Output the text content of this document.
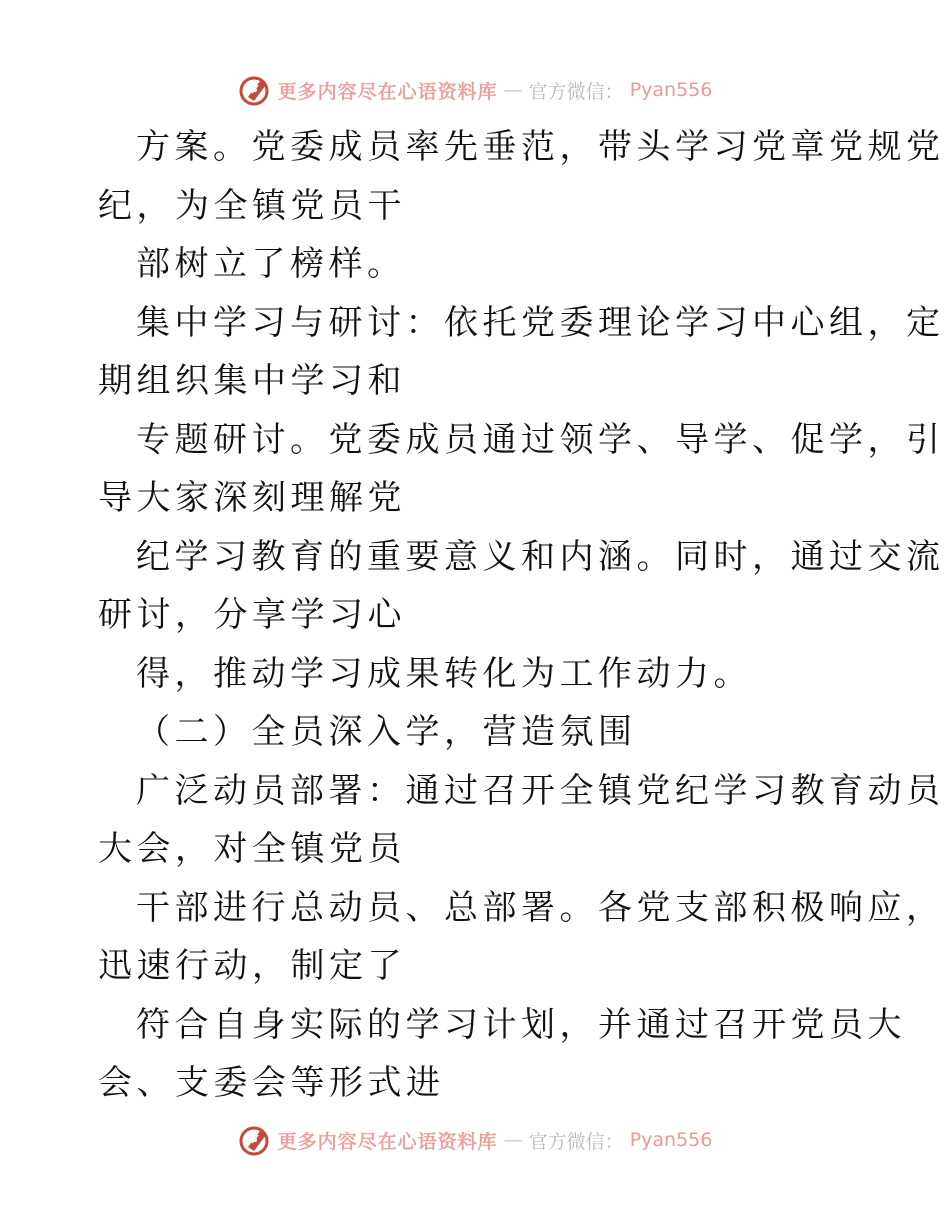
更多内容尽在心语资料库 — 官方微信： Pyan556
方案。党委成员率先垂范，带头学习党章党规党
纪，为全镇党员干
部树立了榜样。
集中学习与研讨：依托党委理论学习中心组，定
期组织集中学习和
专题研讨。党委成员通过领学、导学、促学，引
导大家深刻理解党
纪学习教育的重要意义和内涵。同时，通过交流
研讨，分享学习心
得，推动学习成果转化为工作动力。
（二）全员深入学，营造氛围
广泛动员部署：通过召开全镇党纪学习教育动员
大会，对全镇党员
干部进行总动员、总部署。各党支部积极响应，
迅速行动，制定了
符合自身实际的学习计划，并通过召开党员大
会、支委会等形式进
更多内容尽在心语资料库 — 官方微信： Pyan556
